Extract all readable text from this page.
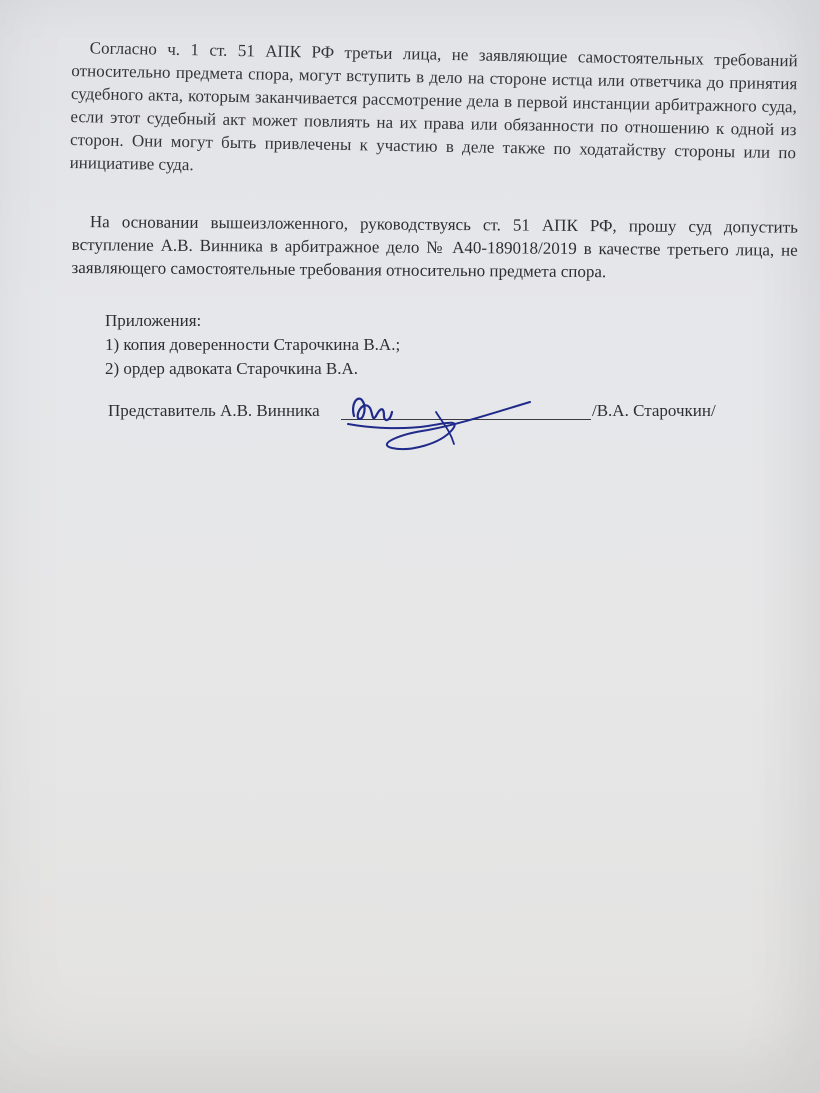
Согласно ч. 1 ст. 51 АПК РФ третьи лица, не заявляющие самостоятельных требований относительно предмета спора, могут вступить в дело на сторонe истца или ответчика до принятия судебного акта, которым заканчивается рассмотрение дела в первой инстанции арбитражного суда, если этот судебный акт может повлиять на их права или обязанности по отношению к одной из сторон. Они могут быть привлечены к участию в деле также по ходатайству стороны или по инициативе суда.

На основании вышеизложенного, руководствуясь ст. 51 АПК РФ, прошу суд допустить вступление А.В. Винника в арбитражное дело № А40-189018/2019 в качестве третьего лица, не заявляющего самостоятельные требования относительно предмета спора.

Приложения:

1) копия доверенности Старочкина В.А.;

2) ордер адвоката Старочкина В.А.

Представитель А.В. Винника	/В.А. Старочкин/
